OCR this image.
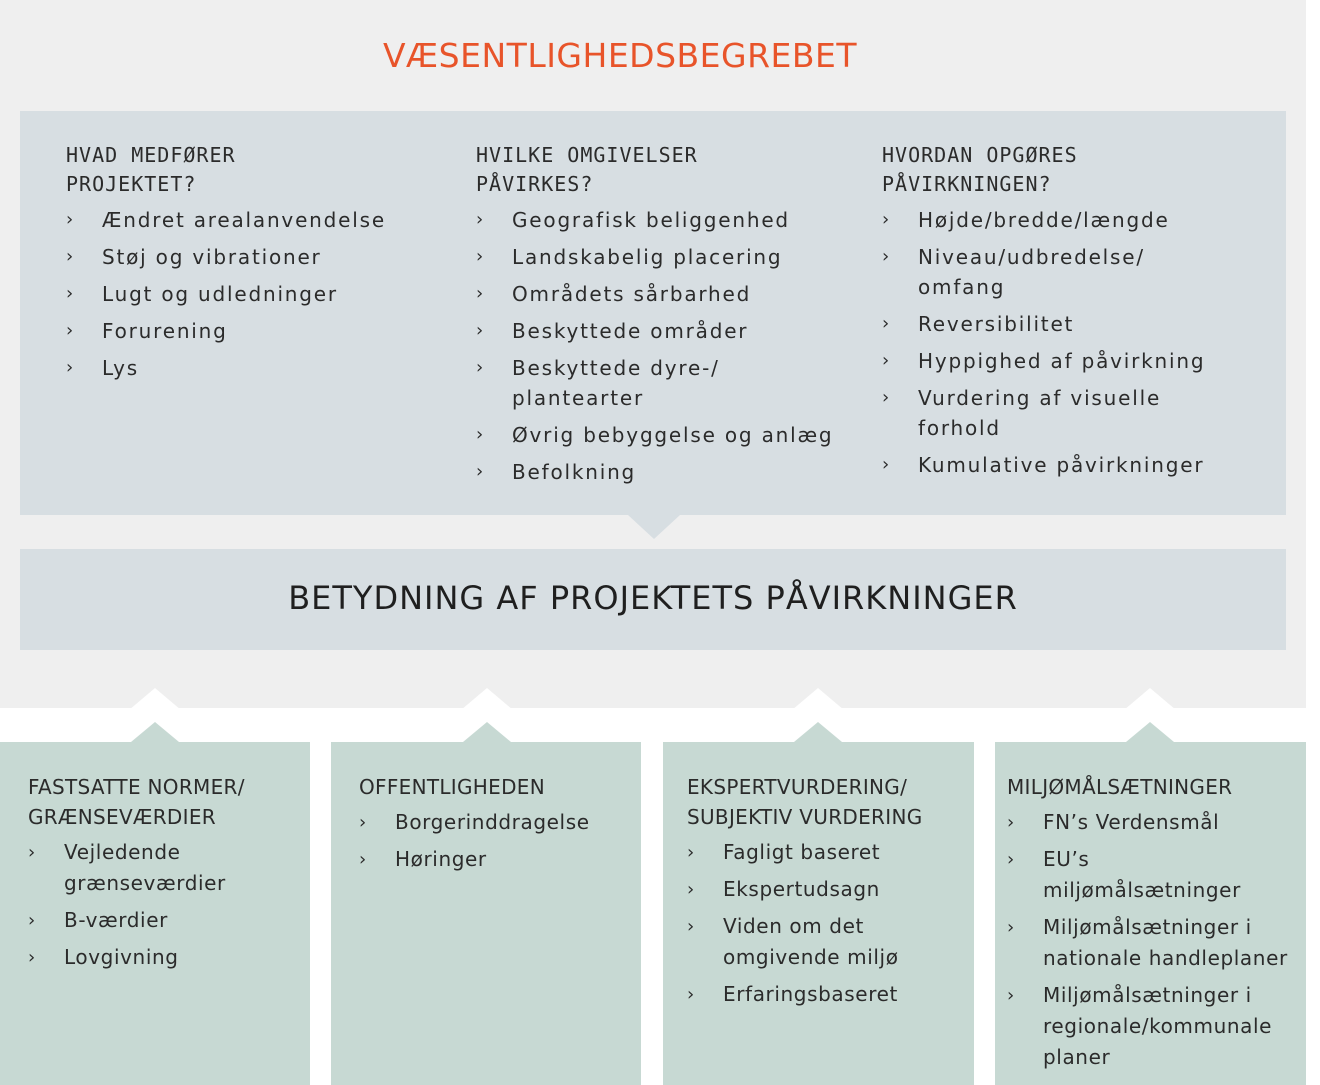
VÆSENTLIGHEDSBEGREBET
HVAD MEDFØRER
PROJEKTET?
› Ændret arealanvendelse
› Støj og vibrationer
› Lugt og udledninger
› Forurening
› Lys
HVILKE OMGIVELSER
PÅVIRKES?
› Geografisk beliggenhed
› Landskabelig placering
› Områdets sårbarhed
› Beskyttede områder
› Beskyttede dyre-/
plantearter
› Øvrig bebyggelse og anlæg
› Befolkning
HVORDAN OPGØRES
PÅVIRKNINGEN?
› Højde/bredde/længde
› Niveau/udbredelse/
omfang
› Reversibilitet
› Hyppighed af påvirkning
› Vurdering af visuelle
forhold
› Kumulative påvirkninger
BETYDNING AF PROJEKTETS PÅVIRKNINGER
FASTSATTE NORMER/
GRÆNSEVÆRDIER
› Vejledende
grænseværdier
› B-værdier
› Lovgivning
OFFENTLIGHEDEN
› Borgerinddragelse
› Høringer
EKSPERTVURDERING/
SUBJEKTIV VURDERING
› Fagligt baseret
› Ekspertudsagn
› Viden om det
omgivende miljø
› Erfaringsbaseret
MILJØMÅLSÆTNINGER
› FN’s Verdensmål
› EU’s
miljømålsætninger
› Miljømålsætninger i
nationale handleplaner
› Miljømålsætninger i
regionale/kommunale
planer
